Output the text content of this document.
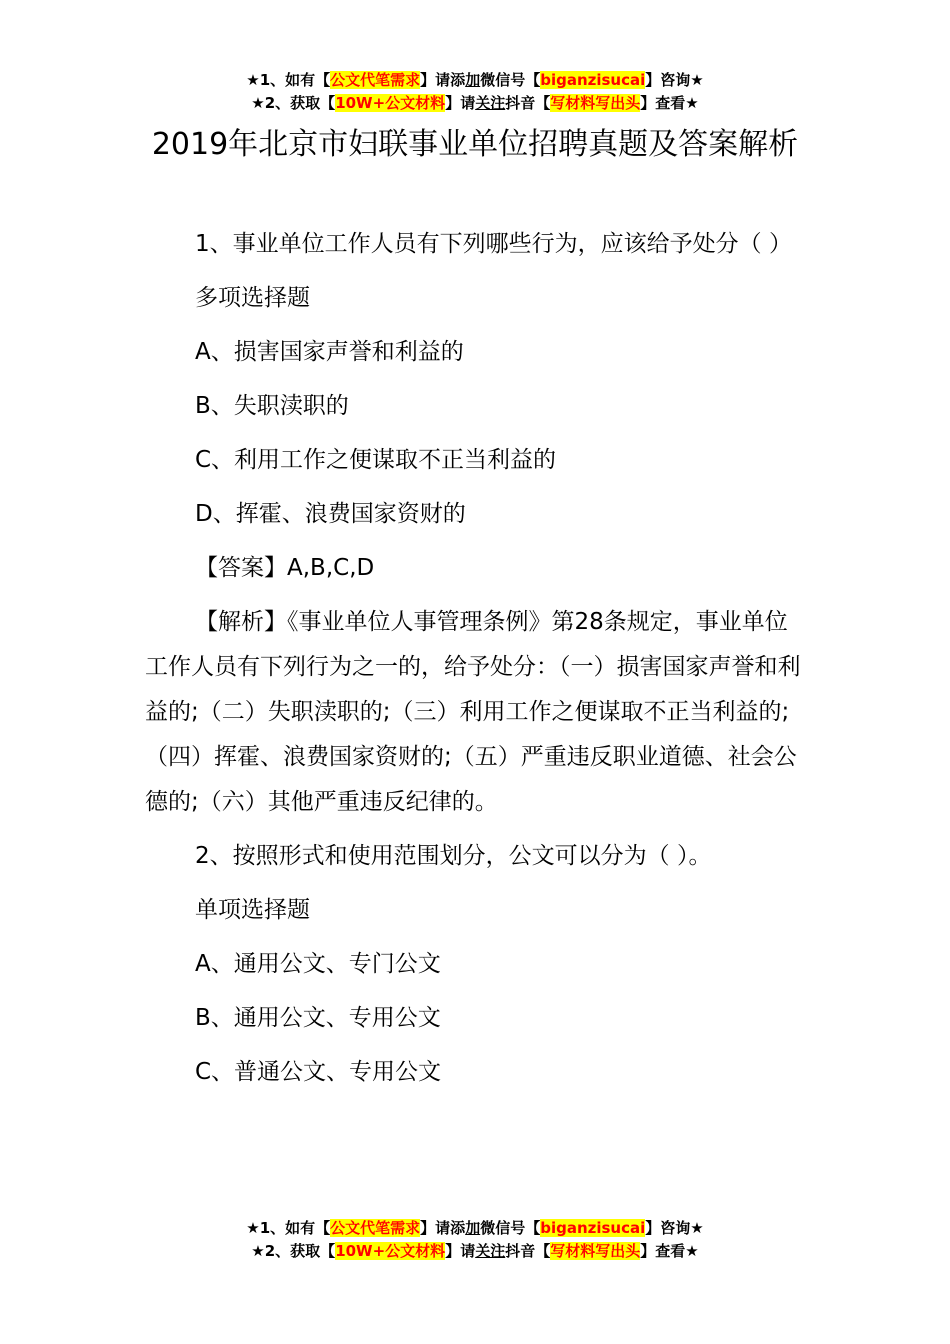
★1、如有【公文代笔需求】请添加微信号【biganzisucai】咨询★
★2、获取【10W+公文材料】请关注抖音【写材料写出头】查看★
2019年北京市妇联事业单位招聘真题及答案解析

1、事业单位工作人员有下列哪些行为，应该给予处分（ ）

多项选择题

A、损害国家声誉和利益的

B、失职渎职的

C、利用工作之便谋取不正当利益的

D、挥霍、浪费国家资财的

【答案】A,B,C,D

【解析】《事业单位人事管理条例》第28条规定，事业单位工作人员有下列行为之一的，给予处分：（一）损害国家声誉和利益的;（二）失职渎职的;（三）利用工作之便谋取不正当利益的;（四）挥霍、浪费国家资财的;（五）严重违反职业道德、社会公德的;（六）其他严重违反纪律的。

2、按照形式和使用范围划分，公文可以分为（ ）。

单项选择题

A、通用公文、专门公文

B、通用公文、专用公文

C、普通公文、专用公文

★1、如有【公文代笔需求】请添加微信号【biganzisucai】咨询★
★2、获取【10W+公文材料】请关注抖音【写材料写出头】查看★
